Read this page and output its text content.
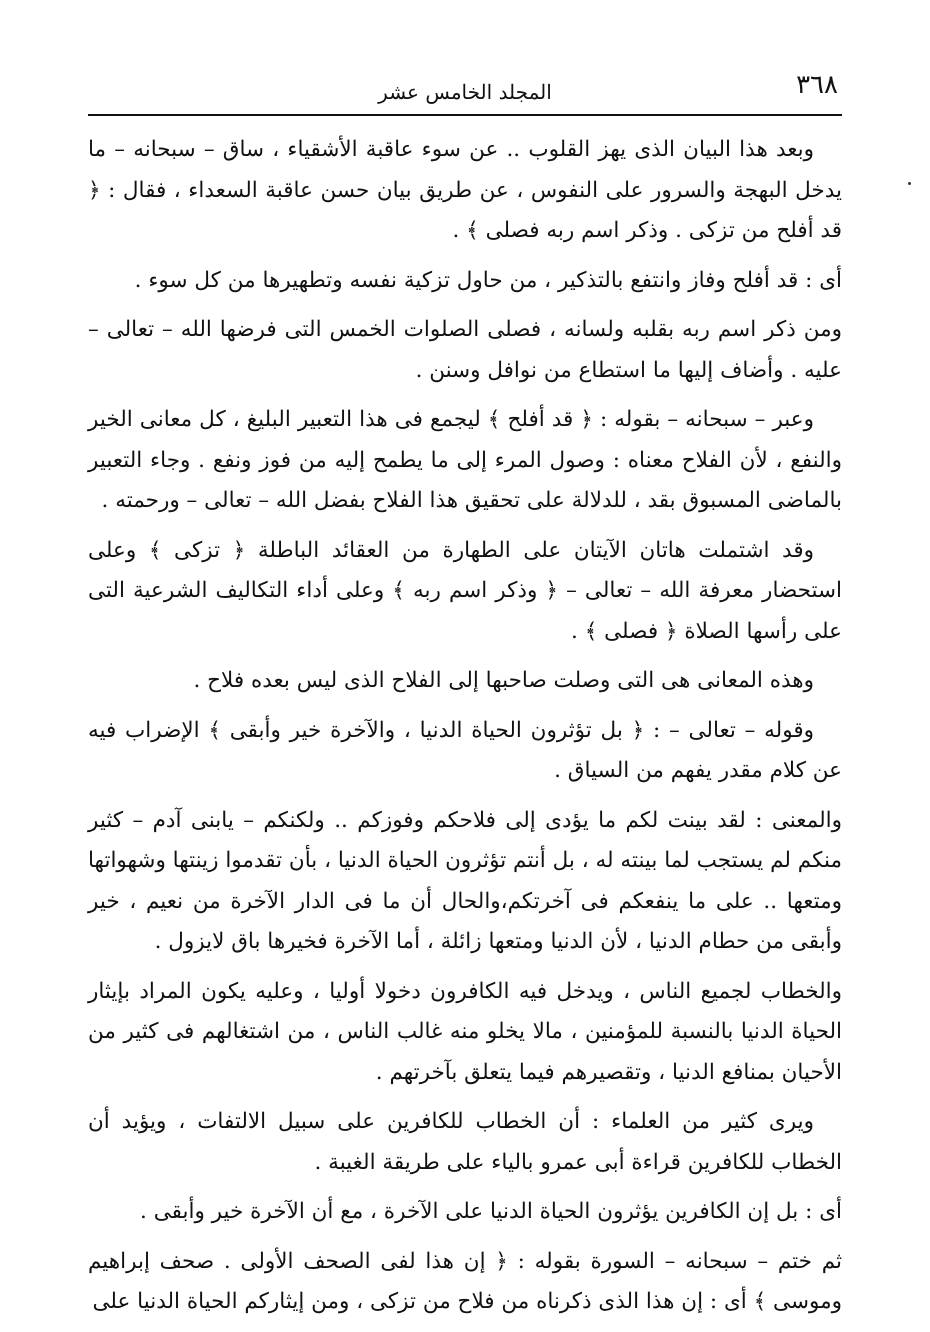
٣٦٨
المجلد الخامس عشر

وبعد هذا البيان الذى يهز القلوب .. عن سوء عاقبة الأشقياء ، ساق – سبحانه – ما يدخل البهجة والسرور على النفوس ، عن طريق بيان حسن عاقبة السعداء ، فقال : ﴿ قد أفلح من تزكى . وذكر اسم ربه فصلى ﴾ .

أى : قد أفلح وفاز وانتفع بالتذكير ، من حاول تزكية نفسه وتطهيرها من كل سوء .

ومن ذكر اسم ربه بقلبه ولسانه ، فصلى الصلوات الخمس التى فرضها الله – تعالى – عليه . وأضاف إليها ما استطاع من نوافل وسنن .

وعبر – سبحانه – بقوله : ﴿ قد أفلح ﴾ ليجمع فى هذا التعبير البليغ ، كل معانى الخير والنفع ، لأن الفلاح معناه : وصول المرء إلى ما يطمح إليه من فوز ونفع . وجاء التعبير بالماضى المسبوق بقد ، للدلالة على تحقيق هذا الفلاح بفضل الله – تعالى – ورحمته .

وقد اشتملت هاتان الآيتان على الطهارة من العقائد الباطلة ﴿ تزكى ﴾ وعلى استحضار معرفة الله – تعالى – ﴿ وذكر اسم ربه ﴾ وعلى أداء التكاليف الشرعية التى على رأسها الصلاة ﴿ فصلى ﴾ .

وهذه المعانى هى التى وصلت صاحبها إلى الفلاح الذى ليس بعده فلاح .

وقوله – تعالى – : ﴿ بل تؤثرون الحياة الدنيا ، والآخرة خير وأبقى ﴾ الإضراب فيه عن كلام مقدر يفهم من السياق .

والمعنى : لقد بينت لكم ما يؤدى إلى فلاحكم وفوزكم .. ولكنكم – يابنى آدم – كثير منكم لم يستجب لما بينته له ، بل أنتم تؤثرون الحياة الدنيا ، بأن تقدموا زينتها وشهواتها ومتعها .. على ما ينفعكم فى آخرتكم،والحال أن ما فى الدار الآخرة من نعيم ، خير وأبقى من حطام الدنيا ، لأن الدنيا ومتعها زائلة ، أما الآخرة فخيرها باق لايزول .

والخطاب لجميع الناس ، ويدخل فيه الكافرون دخولا أوليا ، وعليه يكون المراد بإيثار الحياة الدنيا بالنسبة للمؤمنين ، مالا يخلو منه غالب الناس ، من اشتغالهم فى كثير من الأحيان بمنافع الدنيا ، وتقصيرهم فيما يتعلق بآخرتهم .

ويرى كثير من العلماء : أن الخطاب للكافرين على سبيل الالتفات ، ويؤيد أن الخطاب للكافرين قراءة أبى عمرو بالياء على طريقة الغيبة .

أى : بل إن الكافرين يؤثرون الحياة الدنيا على الآخرة ، مع أن الآخرة خير وأبقى .

ثم ختم – سبحانه – السورة بقوله : ﴿ إن هذا لفى الصحف الأولى . صحف إبراهيم وموسى ﴾ أى : إن هذا الذى ذكرناه من فلاح من تزكى ، ومن إيثاركم الحياة الدنيا على
